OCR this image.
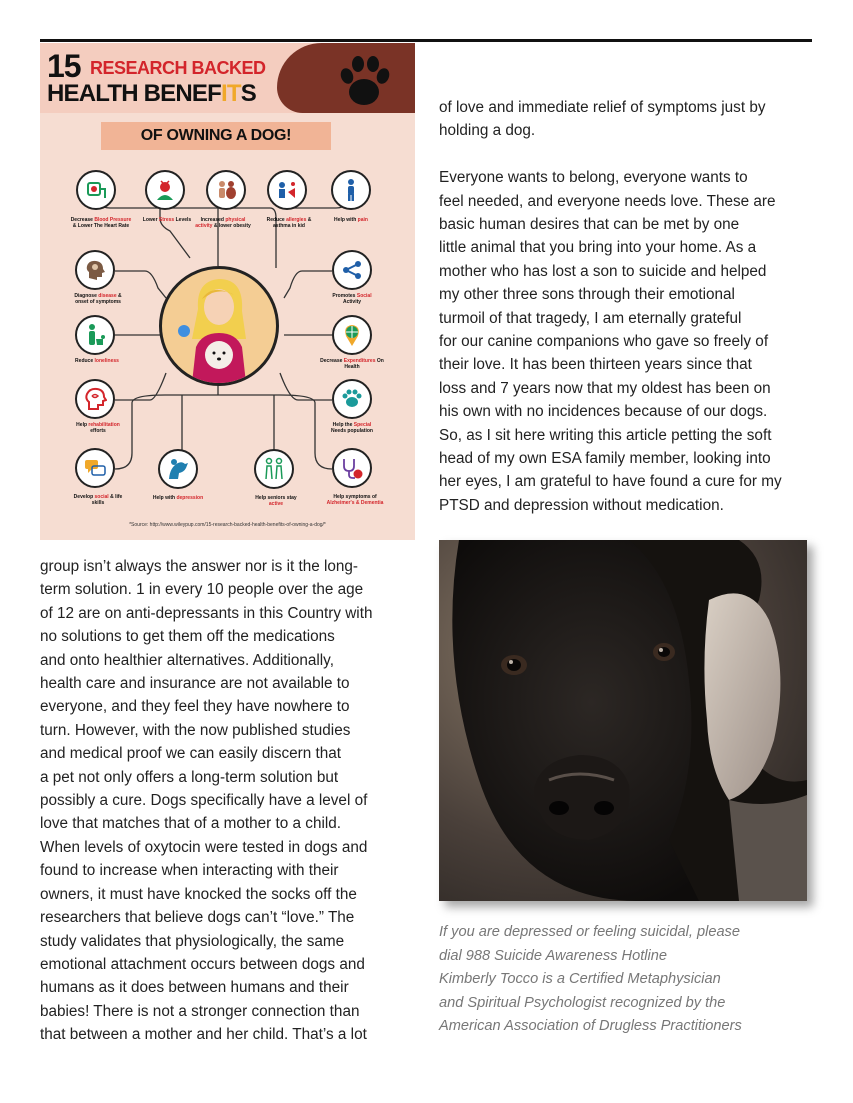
15 RESEARCH BACKED
HEALTH BENEFITS
OF OWNING A DOG!
Decrease Blood Pressure & Lower The Heart Rate
Lower Stress Levels	Increased physical activity & lower obesity
Reduce allergies & asthma in kid
Help with pain
Diagnose disease & onset of symptoms
Promotes Social Activity
Reduce loneliness	Decrease Expenditures On Health
Help rehabilitation efforts
Help the Special Needs population
Develop social & life skills
Help with depression	Help seniors stay active
Help symptoms of
Alzheimer's & Dementia
*Source: http://www.wileypup.com/15-research-backed-health-benefits-of-owning-a-dog/*

of love and immediate relief of symptoms just by

holding a dog.

Everyone wants to belong, everyone wants to

feel needed, and everyone needs love. These are

basic human desires that can be met by one

little animal that you bring into your home. As a

mother who has lost a son to suicide and helped

my other three sons through their emotional

turmoil of that tragedy, I am eternally grateful

for our canine companions who gave so freely of

their love. It has been thirteen years since that

loss and 7 years now that my oldest has been on

his own with no incidences because of our dogs.

So, as I sit here writing this article petting the soft

head of my own ESA family member, looking into

her eyes, I am grateful to have found a cure for my

PTSD and depression without medication.

group isn’t always the answer nor is it the long-

term solution. 1 in every 10 people over the age

of 12 are on anti-depressants in this Country with

no solutions to get them off the medications

and onto healthier alternatives. Additionally,

health care and insurance are not available to

everyone, and they feel they have nowhere to

turn. However, with the now published studies

and medical proof we can easily discern that

a pet not only offers a long-term solution but

possibly a cure. Dogs specifically have a level of

love that matches that of a mother to a child.

When levels of oxytocin were tested in dogs and

found to increase when interacting with their

owners, it must have knocked the socks off the

researchers that believe dogs can’t “love.” The

study validates that physiologically, the same

emotional attachment occurs between dogs and

humans as it does between humans and their

babies! There is not a stronger connection than

that between a mother and her child. That’s a lot

If you are depressed or feeling suicidal, please

dial 988 Suicide Awareness Hotline

Kimberly Tocco is a Certified Metaphysician

and Spiritual Psychologist recognized by the

American Association of Drugless Practitioners
